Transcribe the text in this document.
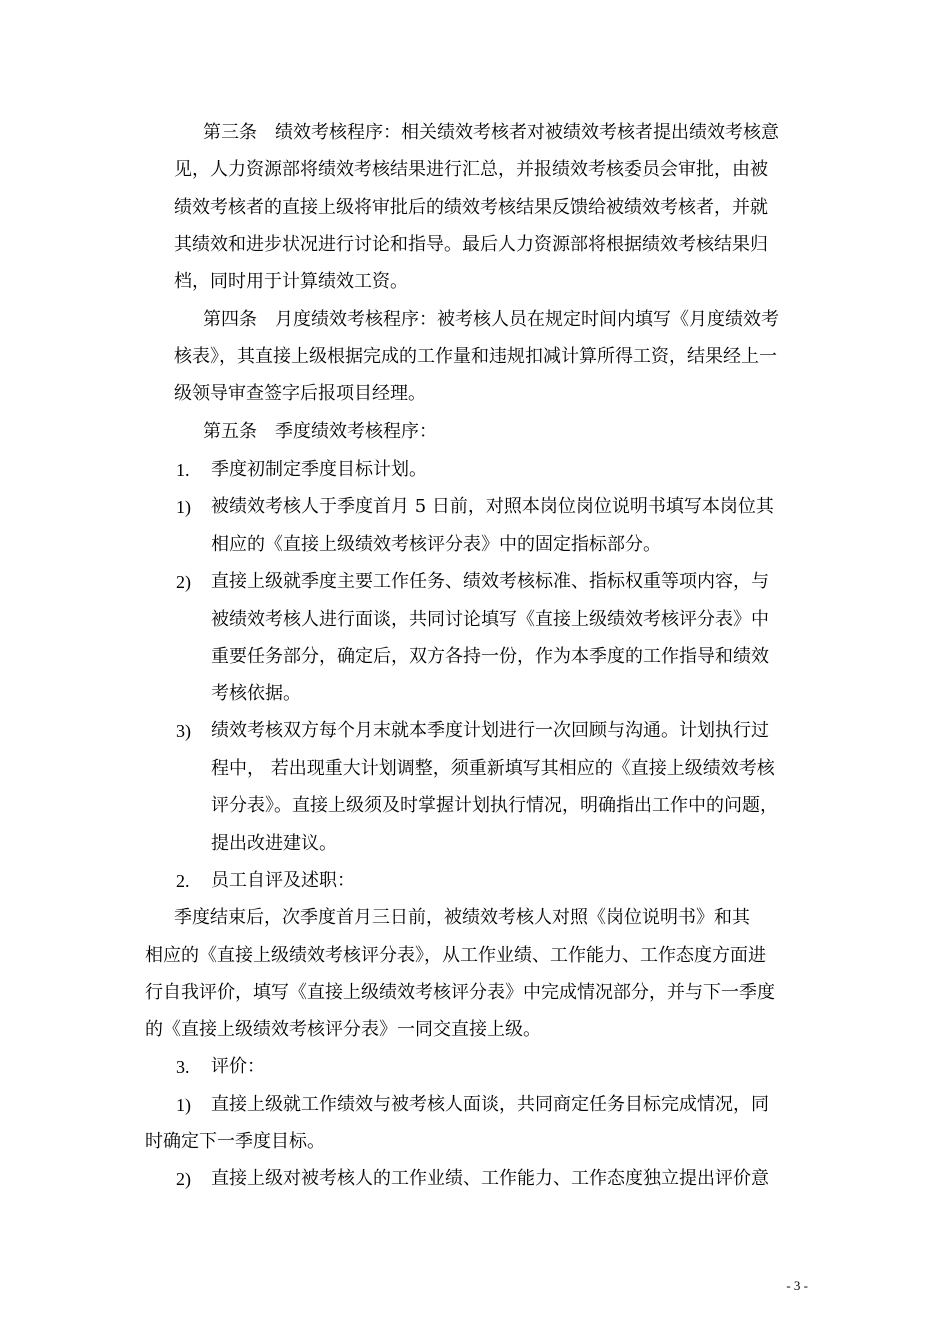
第三条　绩效考核程序：相关绩效考核者对被绩效考核者提出绩效考核意
见，人力资源部将绩效考核结果进行汇总，并报绩效考核委员会审批，由被
绩效考核者的直接上级将审批后的绩效考核结果反馈给被绩效考核者，并就
其绩效和进步状况进行讨论和指导。最后人力资源部将根据绩效考核结果归
档，同时用于计算绩效工资。
第四条　月度绩效考核程序：被考核人员在规定时间内填写《月度绩效考
核表》，其直接上级根据完成的工作量和违规扣减计算所得工资，结果经上一
级领导审查签字后报项目经理。
第五条　季度绩效考核程序：
1. 季度初制定季度目标计划。
1) 被绩效考核人于季度首月 5 日前，对照本岗位岗位说明书填写本岗位其
相应的《直接上级绩效考核评分表》中的固定指标部分。
2) 直接上级就季度主要工作任务、绩效考核标准、指标权重等项内容，与
被绩效考核人进行面谈，共同讨论填写《直接上级绩效考核评分表》中
重要任务部分，确定后，双方各持一份，作为本季度的工作指导和绩效
考核依据。
3) 绩效考核双方每个月末就本季度计划进行一次回顾与沟通。计划执行过
程中， 若出现重大计划调整，须重新填写其相应的《直接上级绩效考核
评分表》。直接上级须及时掌握计划执行情况，明确指出工作中的问题，
提出改进建议。
2. 员工自评及述职：
季度结束后，次季度首月三日前，被绩效考核人对照《岗位说明书》和其
相应的《直接上级绩效考核评分表》，从工作业绩、工作能力、工作态度方面进
行自我评价，填写《直接上级绩效考核评分表》中完成情况部分，并与下一季度
的《直接上级绩效考核评分表》一同交直接上级。
3. 评价：
1) 直接上级就工作绩效与被考核人面谈，共同商定任务目标完成情况，同
时确定下一季度目标。
2) 直接上级对被考核人的工作业绩、工作能力、工作态度独立提出评价意
- 3 -
